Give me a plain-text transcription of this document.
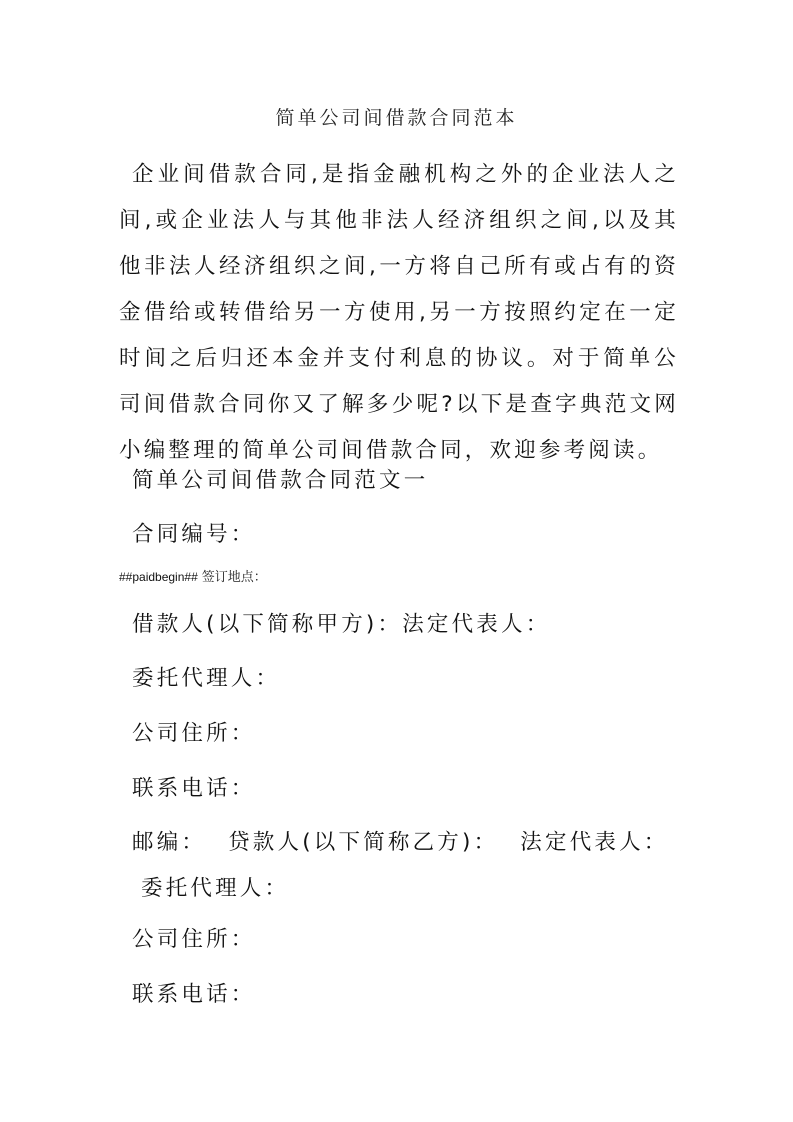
简单公司间借款合同范本
企业间借款合同,是指金融机构之外的企业法人之间,或企业法人与其他非法人经济组织之间,以及其他非法人经济组织之间,一方将自己所有或占有的资金借给或转借给另一方使用,另一方按照约定在一定时间之后归还本金并支付利息的协议。对于简单公司间借款合同你又了解多少呢?以下是查字典范文网小编整理的简单公司间借款合同，欢迎参考阅读。
简单公司间借款合同范文一
合同编号：
##paidbegin## 签订地点：
借款人(以下简称甲方)：法定代表人：
委托代理人：
公司住所：
联系电话：
邮编： 贷款人(以下简称乙方)： 法定代表人：委托代理人：
公司住所：
联系电话：
